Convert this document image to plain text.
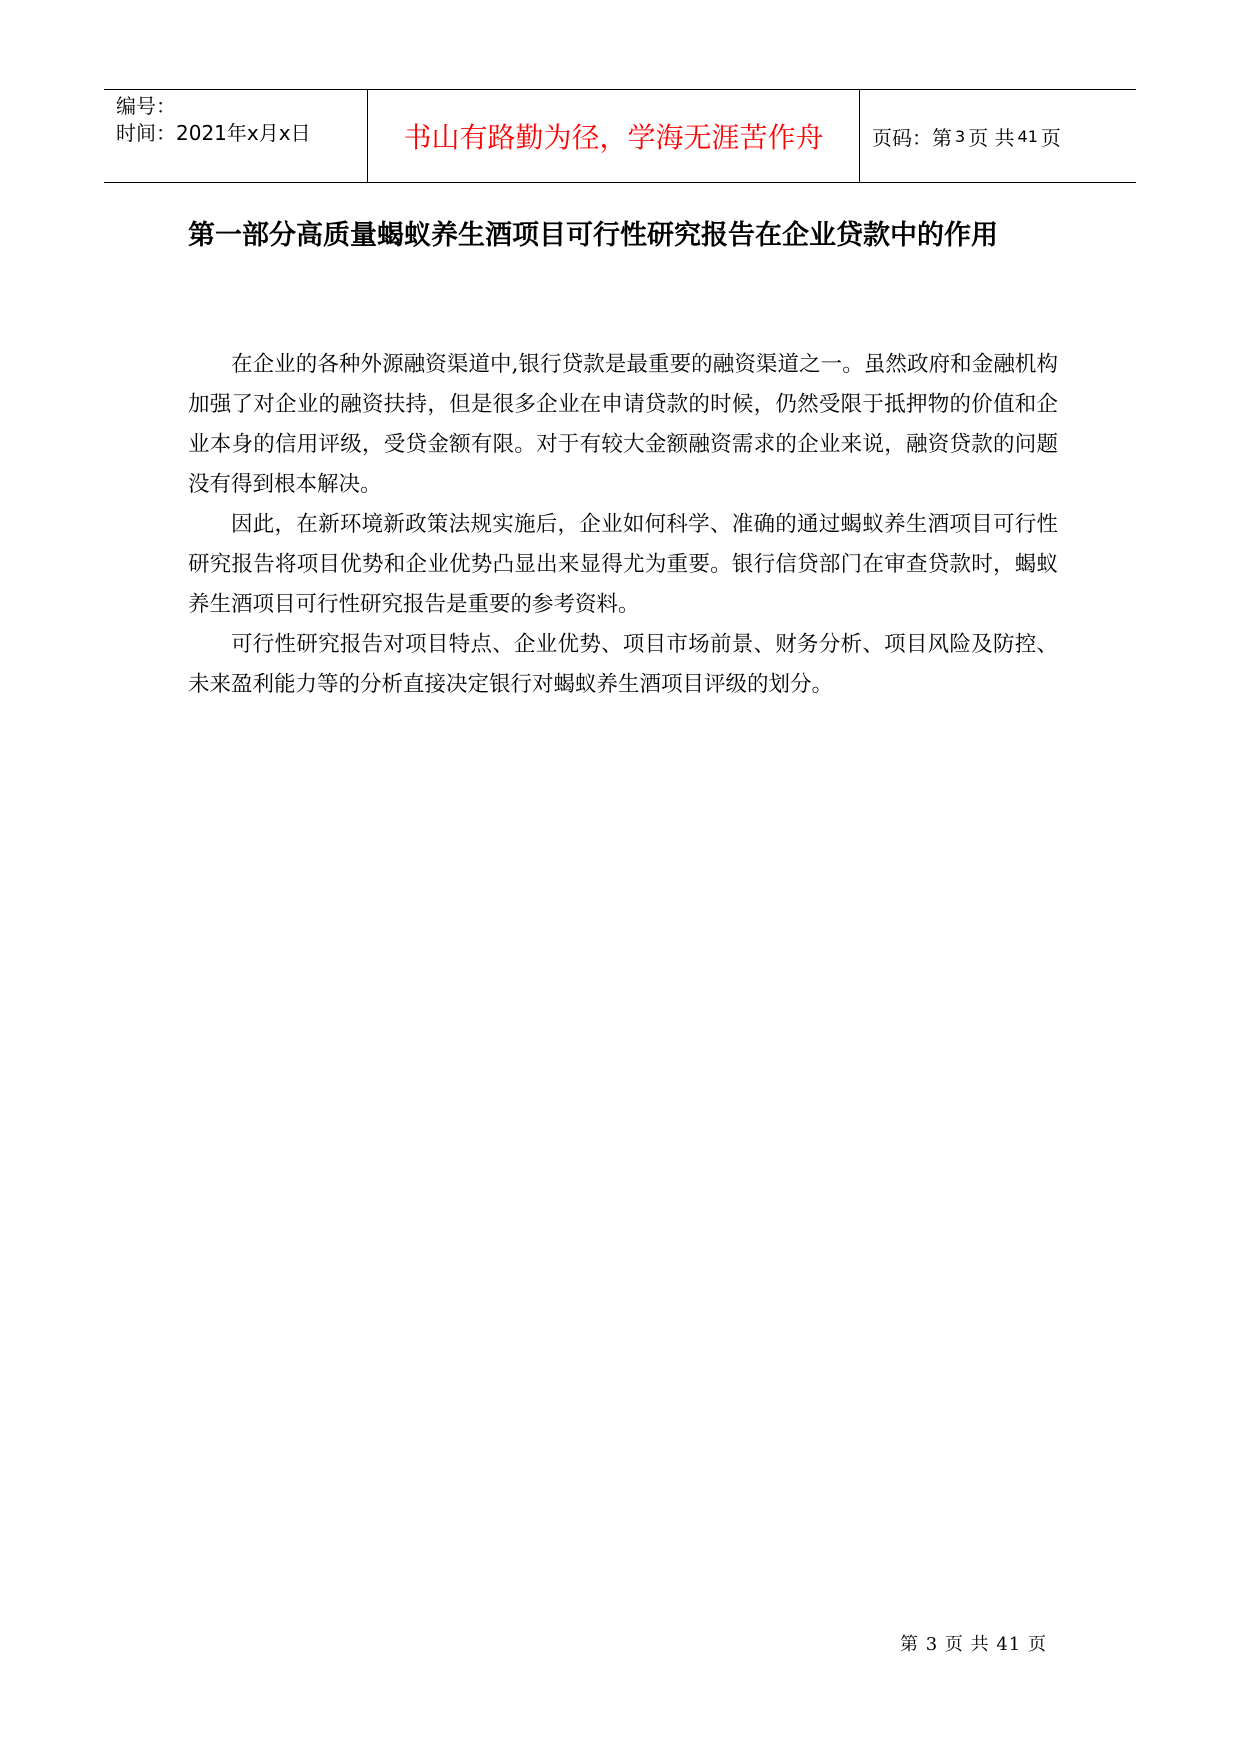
编号：
时间：2021年x月x日	书山有路勤为径，学海无涯苦作舟	页码：第 3 页 共 41 页
第一部分高质量蝎蚁养生酒项目可行性研究报告在企业贷款中的作用

在企业的各种外源融资渠道中,银行贷款是最重要的融资渠道之一。虽然政府和金融机构加强了对企业的融资扶持，但是很多企业在申请贷款的时候，仍然受限于抵押物的价值和企业本身的信用评级，受贷金额有限。对于有较大金额融资需求的企业来说，融资贷款的问题没有得到根本解决。

因此，在新环境新政策法规实施后，企业如何科学、准确的通过蝎蚁养生酒项目可行性研究报告将项目优势和企业优势凸显出来显得尤为重要。银行信贷部门在审查贷款时，蝎蚁养生酒项目可行性研究报告是重要的参考资料。

可行性研究报告对项目特点、企业优势、项目市场前景、财务分析、项目风险及防控、未来盈利能力等的分析直接决定银行对蝎蚁养生酒项目评级的划分。

第 3 页 共 41 页
